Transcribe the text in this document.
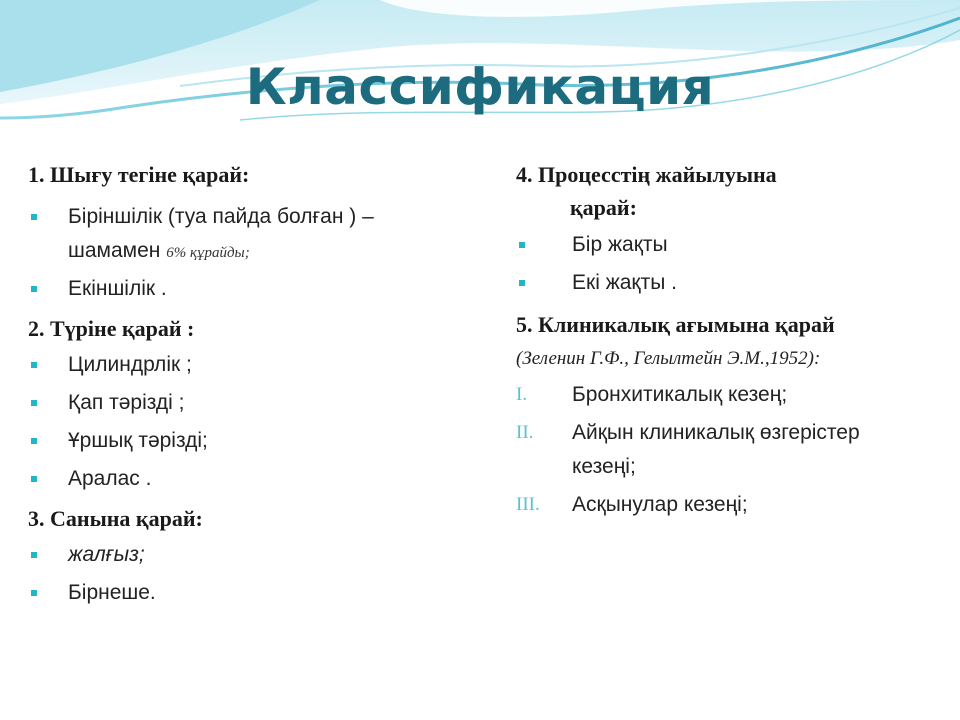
Классификация

1. Шығу тегіне қарай:

Біріншілік (туа пайда болған ) –
шамамен 6% құрайды;
Екіншілік .

2. Түріне қарай :

Цилиндрлік ;
Қап тәрізді ;
Ұршық тәрізді;
Аралас .

3. Санына қарай:

жалғыз;
Бірнеше.

4. Процесстің жайылуына

қарай:

Бір жақты
Екі жақты .

5. Клиникалық ағымына қарай

(Зеленин Г.Ф., Гелылтейн Э.М.,1952):

I. Бронхитикалық кезең;
II. Айқын клиникалық өзгерістер
кезеңі;
III. Асқынулар кезеңі;
